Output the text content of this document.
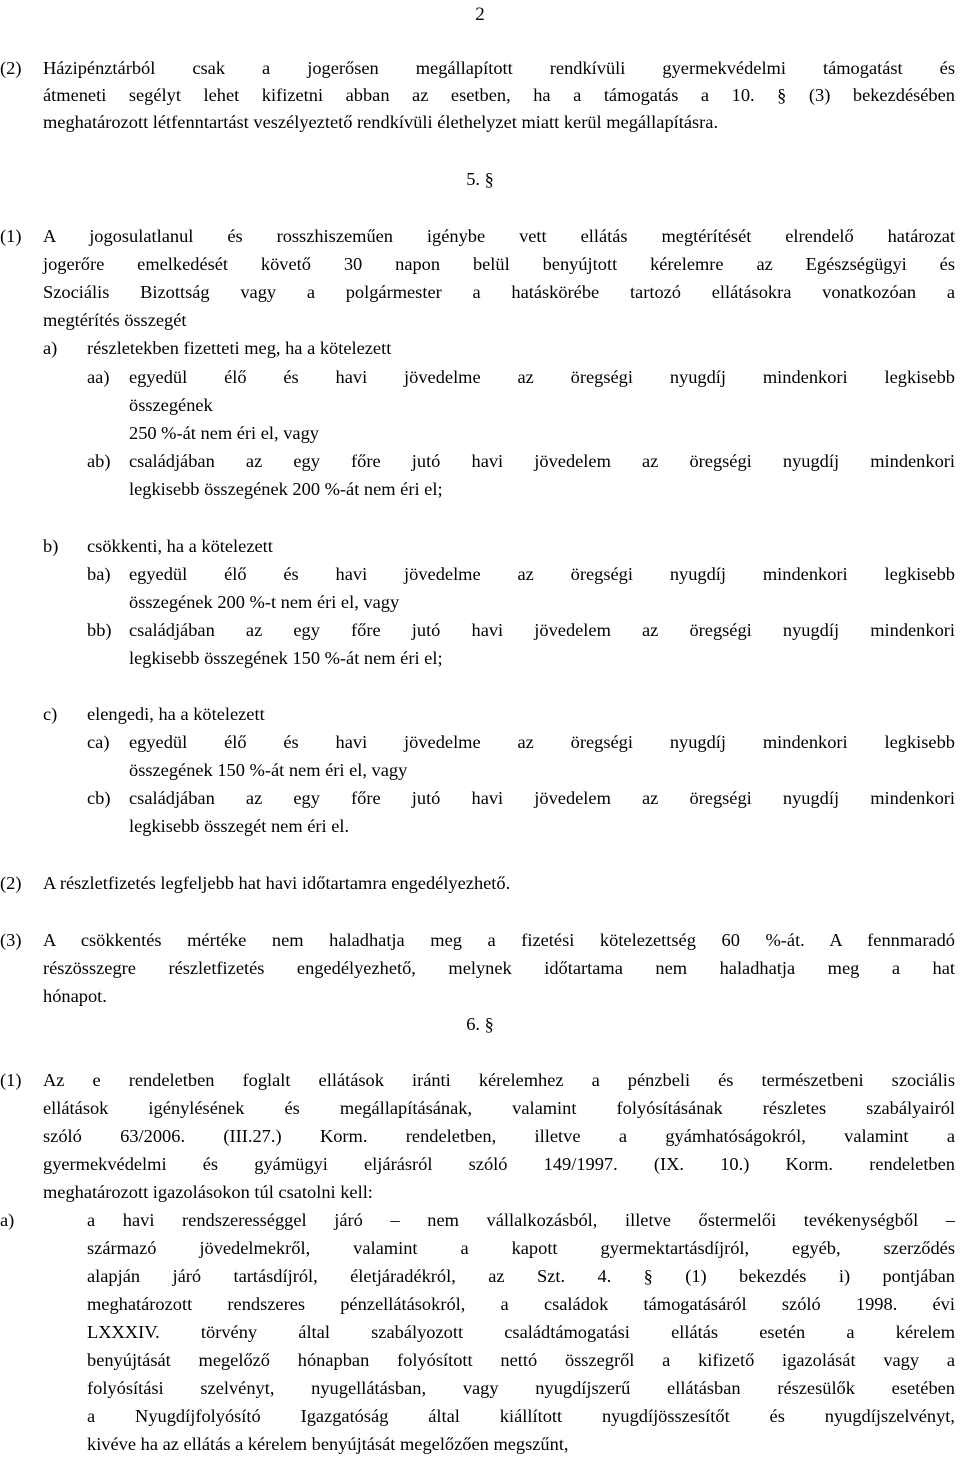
2
(2) Házipénztárból csak a jogerősen megállapított rendkívüli gyermekvédelmi támogatást és
átmeneti segélyt lehet kifizetni abban az esetben, ha a támogatás a 10. § (3) bekezdésében
meghatározott létfenntartást veszélyeztető rendkívüli élethelyzet miatt kerül megállapításra.
5. §
(1) A jogosulatlanul és rosszhiszeműen igénybe vett ellátás megtérítését elrendelő határozat
jogerőre emelkedését követő 30 napon belül benyújtott kérelemre az Egészségügyi és
Szociális Bizottság vagy a polgármester a hatáskörébe tartozó ellátásokra vonatkozóan a
megtérítés összegét
a) részletekben fizetteti meg, ha a kötelezett
aa) egyedül élő és havi jövedelme az öregségi nyugdíj mindenkori legkisebb
összegének
250 %-át nem éri el, vagy
ab) családjában az egy főre jutó havi jövedelem az öregségi nyugdíj mindenkori
legkisebb összegének 200 %-át nem éri el;
b) csökkenti, ha a kötelezett
ba) egyedül élő és havi jövedelme az öregségi nyugdíj mindenkori legkisebb
összegének 200 %-t nem éri el, vagy
bb) családjában az egy főre jutó havi jövedelem az öregségi nyugdíj mindenkori
legkisebb összegének 150 %-át nem éri el;
c) elengedi, ha a kötelezett
ca) egyedül élő és havi jövedelme az öregségi nyugdíj mindenkori legkisebb
összegének 150 %-át nem éri el, vagy
cb) családjában az egy főre jutó havi jövedelem az öregségi nyugdíj mindenkori
legkisebb összegét nem éri el.
(2) A részletfizetés legfeljebb hat havi időtartamra engedélyezhető.
(3) A csökkentés mértéke nem haladhatja meg a fizetési kötelezettség 60 %-át. A fennmaradó
részösszegre részletfizetés engedélyezhető, melynek időtartama nem haladhatja meg a hat
hónapot.
6. §
(1) Az e rendeletben foglalt ellátások iránti kérelemhez a pénzbeli és természetbeni szociális
ellátások igénylésének és megállapításának, valamint folyósításának részletes szabályairól
szóló 63/2006. (III.27.) Korm. rendeletben, illetve a gyámhatóságokról, valamint a
gyermekvédelmi és gyámügyi eljárásról szóló 149/1997. (IX. 10.) Korm. rendeletben
meghatározott igazolásokon túl csatolni kell:
a)	a havi rendszerességgel járó – nem vállalkozásból, illetve őstermelői tevékenységből –
származó jövedelmekről, valamint a kapott gyermektartásdíjról, egyéb, szerződés
alapján járó tartásdíjról, életjáradékról, az Szt. 4. § (1) bekezdés i) pontjában
meghatározott rendszeres pénzellátásokról, a családok támogatásáról szóló 1998. évi
LXXXIV. törvény által szabályozott családtámogatási ellátás esetén a kérelem
benyújtását megelőző hónapban folyósított nettó összegről a kifizető igazolását vagy a
folyósítási szelvényt, nyugellátásban, vagy nyugdíjszerű ellátásban részesülők esetében
a Nyugdíjfolyósító Igazgatóság által kiállított nyugdíjösszesítőt és nyugdíjszelvényt,
kivéve ha az ellátás a kérelem benyújtását megelőzően megszűnt,
